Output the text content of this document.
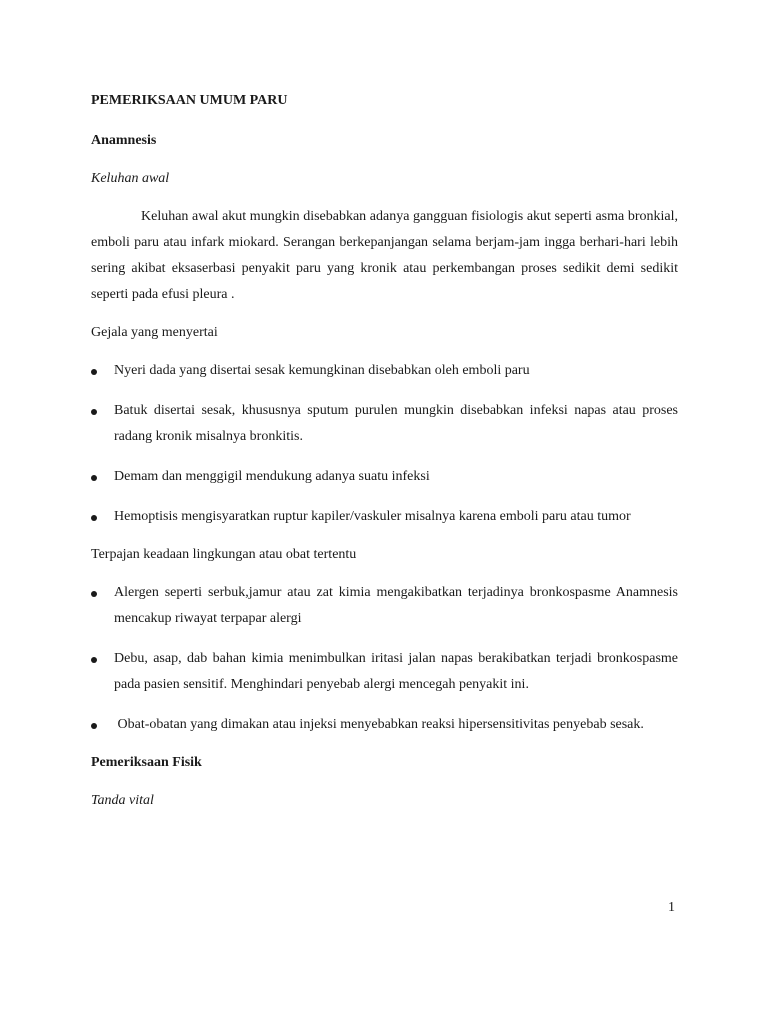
PEMERIKSAAN UMUM PARU

Anamnesis

Keluhan awal

Keluhan awal akut mungkin disebabkan adanya gangguan fisiologis akut seperti asma bronkial, emboli paru atau infark miokard. Serangan berkepanjangan selama berjam-jam ingga berhari-hari lebih sering akibat eksaserbasi penyakit paru yang kronik atau perkembangan proses sedikit demi sedikit seperti pada efusi pleura .

Gejala yang menyertai

Nyeri dada yang disertai sesak kemungkinan disebabkan oleh emboli paru
Batuk disertai sesak, khususnya sputum purulen mungkin disebabkan infeksi napas atau proses radang kronik misalnya bronkitis.
Demam dan menggigil mendukung adanya suatu infeksi
Hemoptisis mengisyaratkan ruptur kapiler/vaskuler misalnya karena emboli paru atau tumor

Terpajan keadaan lingkungan atau obat tertentu

Alergen seperti serbuk,jamur atau zat kimia mengakibatkan terjadinya bronkospasme Anamnesis mencakup riwayat terpapar alergi
Debu, asap, dab bahan kimia menimbulkan iritasi jalan napas berakibatkan terjadi bronkospasme pada pasien sensitif. Menghindari penyebab alergi mencegah penyakit ini.
Obat-obatan yang dimakan atau injeksi menyebabkan reaksi hipersensitivitas penyebab sesak.

Pemeriksaan Fisik

Tanda vital

1
